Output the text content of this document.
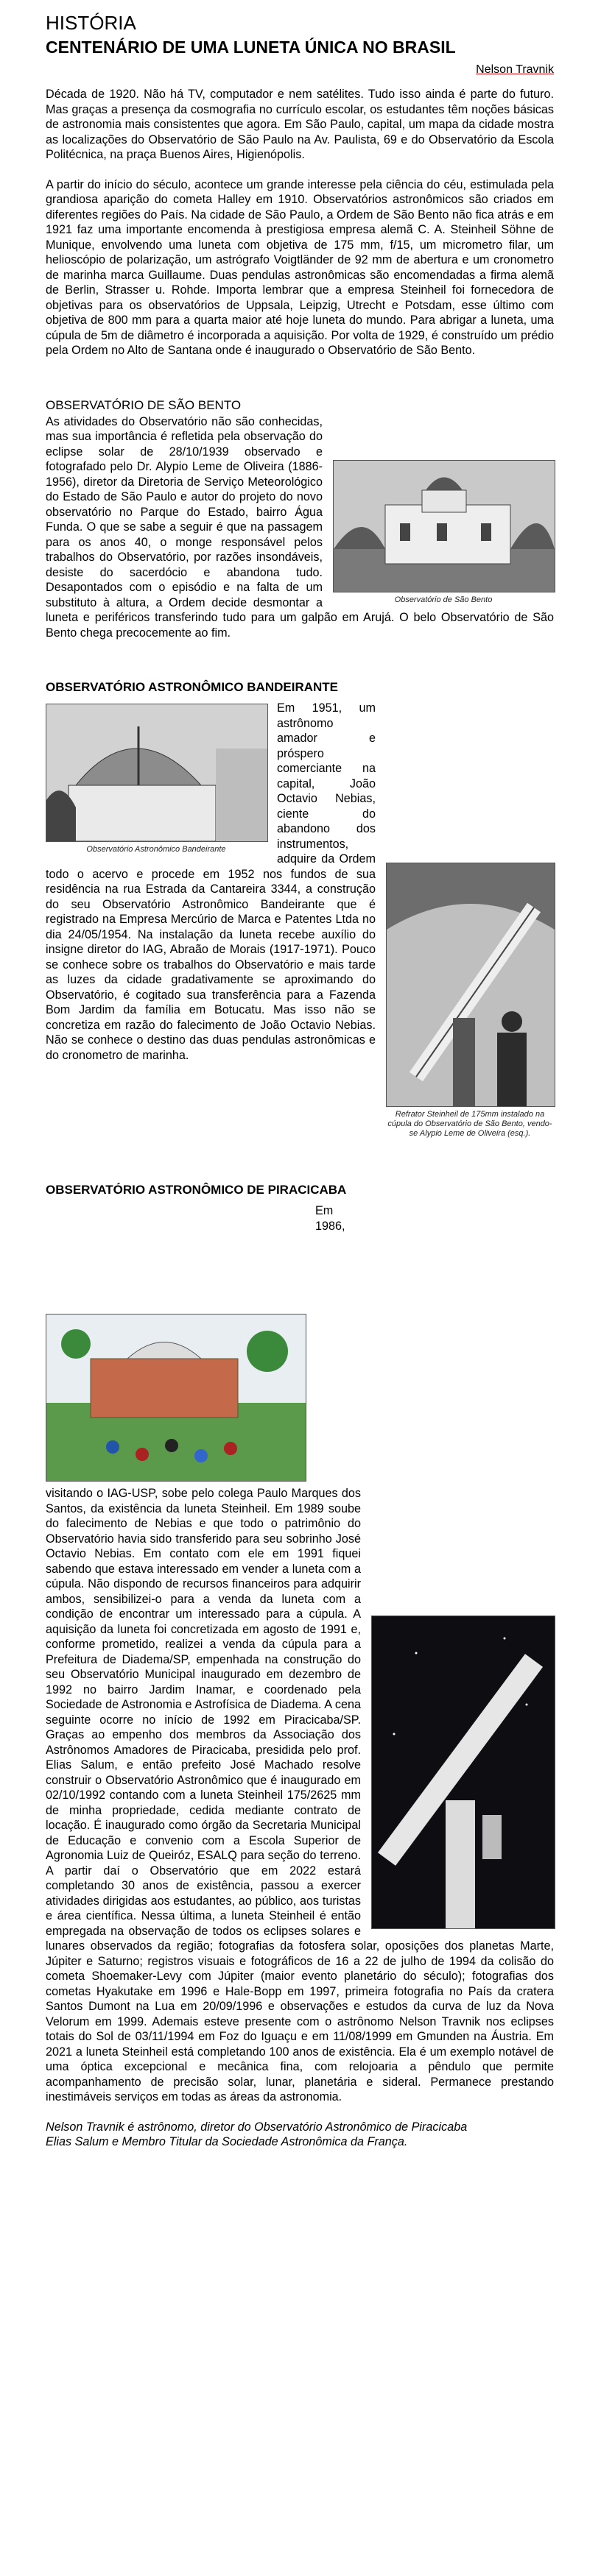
HISTÓRIA
CENTENÁRIO DE UMA LUNETA ÚNICA NO BRASIL
Nelson Travnik

Década de 1920. Não há TV, computador e nem satélites. Tudo isso ainda é parte do futuro. Mas graças a presença da cosmografia no currículo escolar, os estudantes têm noções básicas de astronomia mais consistentes que agora. Em São Paulo, capital, um mapa da cidade mostra as localizações do Observatório de São Paulo na Av. Paulista, 69 e do Observatório da Escola Politécnica, na praça Buenos Aires, Higienópolis.

A partir do início do século, acontece um grande interesse pela ciência do céu, estimulada pela grandiosa aparição do cometa Halley em 1910. Observatórios astronômicos são criados em diferentes regiões do País. Na cidade de São Paulo, a Ordem de São Bento não fica atrás e em 1921 faz uma importante encomenda à prestigiosa empresa alemã C. A. Steinheil Söhne de Munique, envolvendo uma luneta com objetiva de 175 mm, f/15, um micrometro filar, um helioscópio de polarização, um astrógrafo Voigtländer de 92 mm de abertura e um cronometro de marinha marca Guillaume. Duas pendulas astronômicas são encomendadas a firma alemã de Berlin, Strasser u. Rohde. Importa lembrar que a empresa Steinheil foi fornecedora de objetivas para os observatórios de Uppsala, Leipzig, Utrecht e Potsdam, esse último com objetiva de 800 mm para a quarta maior até hoje luneta do mundo. Para abrigar a luneta, uma cúpula de 5m de diâmetro é incorporada a aquisição. Por volta de 1929, é construído um prédio pela Ordem no Alto de Santana onde é inaugurado o Observatório de São Bento.

OBSERVATÓRIO DE SÃO BENTO
Observatório de São Bento

As atividades do Observatório não são conhecidas, mas sua importância é refletida pela observação do eclipse solar de 28/10/1939 observado e fotografado pelo Dr. Alypio Leme de Oliveira (1886-1956), diretor da Diretoria de Serviço Meteorológico do Estado de São Paulo e autor do projeto do novo observatório no Parque do Estado, bairro Água Funda. O que se sabe a seguir é que na passagem para os anos 40, o monge responsável pelos trabalhos do Observatório, por razões insondáveis, desiste do sacerdócio e abandona tudo. Desapontados com o episódio e na falta de um substituto à altura, a Ordem decide desmontar a luneta e periféricos transferindo tudo para um galpão em Arujá. O belo Observatório de São Bento chega precocemente ao fim.

OBSERVATÓRIO ASTRONÔMICO BANDEIRANTE
Observatório Astronômico Bandeirante
Refrator Steinheil de 175mm instalado na cúpula do Observatório de São Bento, vendo-se Alypio Leme de Oliveira (esq.).

Em 1951, um astrônomo amador e próspero comerciante na capital, João Octavio Nebias, ciente do abandono dos instrumentos, adquire da Ordem todo o acervo e procede em 1952 nos fundos de sua residência na rua Estrada da Cantareira 3344, a construção do seu Observatório Astronômico Bandeirante que é registrado na Empresa Mercúrio de Marca e Patentes Ltda no dia 24/05/1954. Na instalação da luneta recebe auxílio do insigne diretor do IAG, Abraão de Morais (1917-1971). Pouco se conhece sobre os trabalhos do Observatório e mais tarde as luzes da cidade gradativamente se aproximando do Observatório, é cogitado sua transferência para a Fazenda Bom Jardim da família em Botucatu. Mas isso não se concretiza em razão do falecimento de João Octavio Nebias. Não se conhece o destino das duas pendulas astronômicas e do cronometro de marinha.

OBSERVATÓRIO ASTRONÔMICO DE PIRACICABA

Em 1986, visitando o IAG-USP, sobe pelo colega Paulo Marques dos Santos, da existência da luneta Steinheil. Em 1989 soube do falecimento de Nebias e que todo o patrimônio do Observatório havia sido transferido para seu sobrinho José Octavio Nebias. Em contato com ele em 1991 fiquei sabendo que estava interessado em vender a luneta com a cúpula. Não dispondo de recursos financeiros para adquirir ambos, sensibilizei-o para a venda da luneta com a condição de encontrar um interessado para a cúpula. A aquisição da luneta foi concretizada em agosto de 1991 e, conforme prometido, realizei a venda da cúpula para a Prefeitura de Diadema/SP, empenhada na construção do seu Observatório Municipal inaugurado em dezembro de 1992 no bairro Jardim Inamar, e coordenado pela Sociedade de Astronomia e Astrofísica de Diadema. A cena seguinte ocorre no início de 1992 em Piracicaba/SP. Graças ao empenho dos membros da Associação dos Astrônomos Amadores de Piracicaba, presidida pelo prof. Elias Salum, e então prefeito José Machado resolve construir o Observatório Astronômico que é inaugurado em 02/10/1992 contando com a luneta Steinheil 175/2625 mm de minha propriedade, cedida mediante contrato de locação. É inaugurado como órgão da Secretaria Municipal de Educação e convenio com a Escola Superior de Agronomia Luiz de Queiróz, ESALQ para seção do terreno. A partir daí o Observatório que em 2022 estará completando 30 anos de existência, passou a exercer atividades dirigidas aos estudantes, ao público, aos turistas e área científica. Nessa última, a luneta Steinheil é então empregada na observação de todos os eclipses solares e lunares observados da região; fotografias da fotosfera solar, oposições dos planetas Marte, Júpiter e Saturno; registros visuais e fotográficos de 16 a 22 de julho de 1994 da colisão do cometa Shoemaker-Levy com Júpiter (maior evento planetário do século); fotografias dos cometas Hyakutake em 1996 e Hale-Bopp em 1997, primeira fotografia no País da cratera Santos Dumont na Lua em 20/09/1996 e observações e estudos da curva de luz da Nova Velorum em 1999. Ademais esteve presente com o astrônomo Nelson Travnik nos eclipses totais do Sol de 03/11/1994 em Foz do Iguaçu e em 11/08/1999 em Gmunden na Áustria. Em 2021 a luneta Steinheil está completando 100 anos de existência. Ela é um exemplo notável de uma óptica excepcional e mecânica fina, com relojoaria a pêndulo que permite acompanhamento de precisão solar, lunar, planetária e sideral. Permanece prestando inestimáveis serviços em todas as áreas da astronomia.

Nelson Travnik é astrônomo, diretor do Observatório Astronômico de Piracicaba

Elias Salum e Membro Titular da Sociedade Astronômica da França.
